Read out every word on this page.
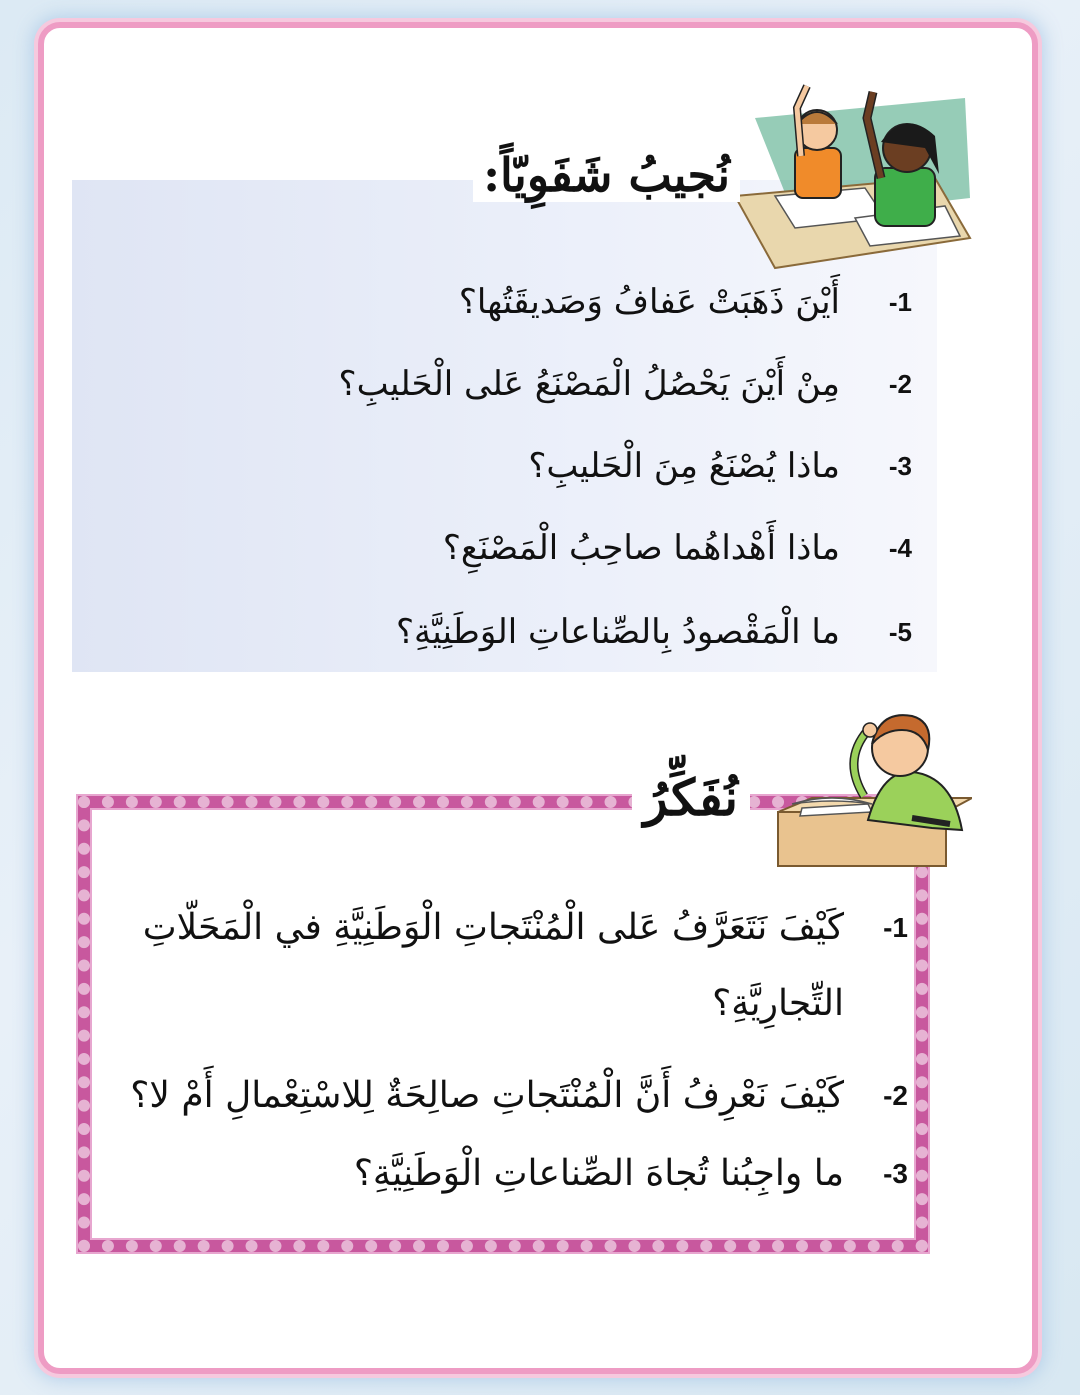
نُجيبُ شَفَوِيّاً:
-1
أَيْنَ ذَهَبَتْ عَفافُ وَصَديقَتُها؟
-2
مِنْ أَيْنَ يَحْصُلُ الْمَصْنَعُ عَلى الْحَليبِ؟
-3
ماذا يُصْنَعُ مِنَ الْحَليبِ؟
-4
ماذا أَهْداهُما صاحِبُ الْمَصْنَعِ؟
-5
ما الْمَقْصودُ بِالصِّناعاتِ الوَطَنِيَّةِ؟
نُفَكِّرُ
-1
كَيْفَ نَتَعَرَّفُ عَلى الْمُنْتَجاتِ الْوَطَنِيَّةِ في الْمَحَلّاتِ
التِّجارِيَّةِ؟
-2
كَيْفَ نَعْرِفُ أَنَّ الْمُنْتَجاتِ صالِحَةٌ لِلاسْتِعْمالِ أَمْ لا؟
-3
ما واجِبُنا تُجاهَ الصِّناعاتِ الْوَطَنِيَّةِ؟
